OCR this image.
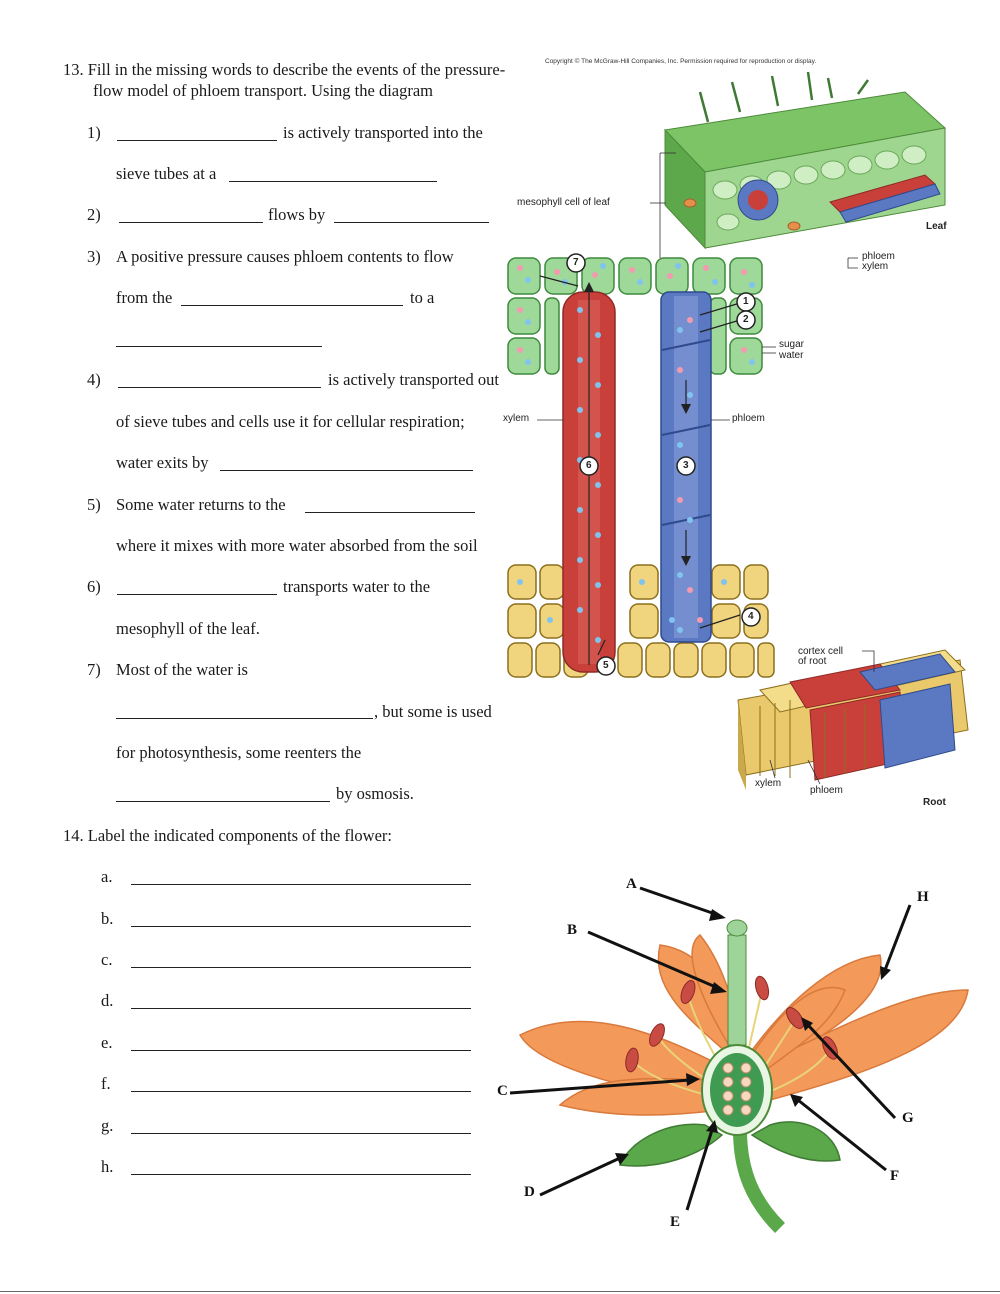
Copyright © The McGraw-Hill Companies, Inc. Permission required for reproduction or display.
13. Fill in the missing words to describe the events of the pressure-
flow model of phloem transport. Using the diagram
1)	is actively transported into the
sieve tubes at a
2)	flows by
3) A positive pressure causes phloem contents to flow
from the	to a
4)	is actively transported out
of sieve tubes and cells use it for cellular respiration;
water exits by
5) Some water returns to the
where it mixes with more water absorbed from the soil
6)	transports water to the
mesophyll of the leaf.
7) Most of the water is
, but some is used
for photosynthesis, some reenters the
by osmosis.
1
2
3
4
5
6
7
mesophyll cell of leaf
Leaf
phloem
xylem
sugar
water
xylem	phloem
cortex cell
of root
xylem
phloem
Root
14. Label the indicated components of the flower:
a.
b.
c.
d.
e.
f.
g.
h.
A
B
C
D
E
F
G
H
